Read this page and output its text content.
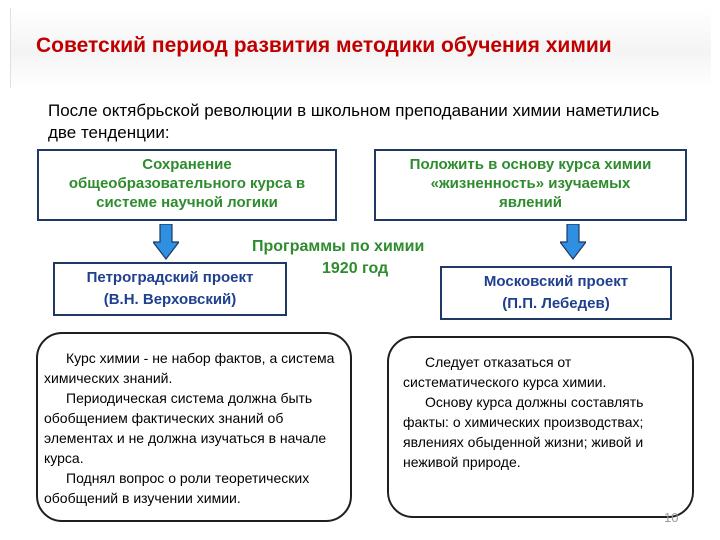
Советский период развития методики обучения химии
После октябрьской революции в школьном преподавании химии наметились две тенденции:
Сохранение
общеобразовательного курса в
системе научной логики
Положить в основу курса химии
«жизненность» изучаемых
явлений
Программы по химии
1920 год
Петроградский проект
(В.Н. Верховский)
Московский проект
(П.П. Лебедев)

Курс химии - не набор фактов, а система химических знаний.

Периодическая система должна быть обобщением фактических знаний об элементах и не должна изучаться в начале курса.

Поднял вопрос о роли теоретических обобщений в изучении химии.

Следует отказаться от систематического курса химии.

Основу курса должны составлять факты: о химических производствах; явлениях обыденной жизни; живой и неживой природе.

10
